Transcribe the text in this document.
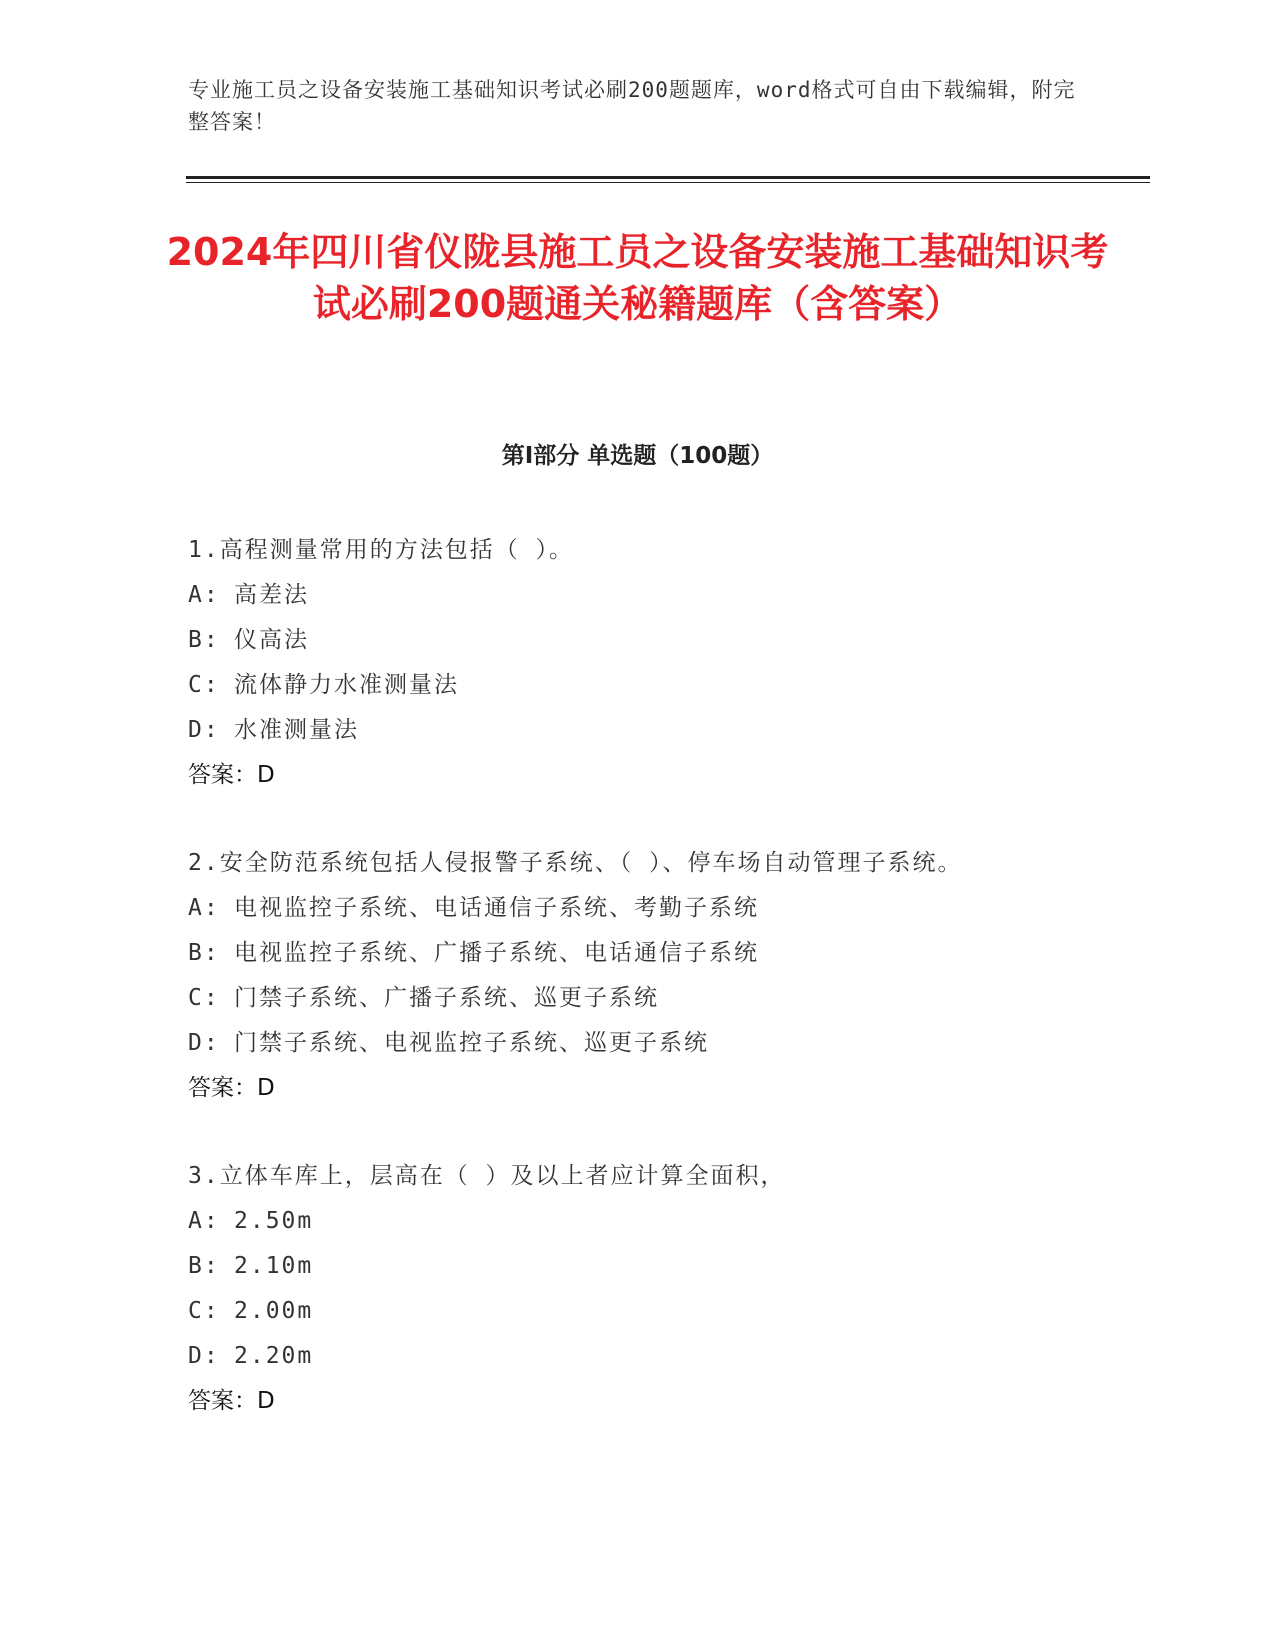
专业施工员之设备安装施工基础知识考试必刷200题题库，word格式可自由下载编辑，附完整答案！
2024年四川省仪陇县施工员之设备安装施工基础知识考试必刷200题通关秘籍题库（含答案）
第I部分 单选题（100题）
1.高程测量常用的方法包括（ ）。
A: 高差法
B: 仪高法
C: 流体静力水准测量法
D: 水准测量法
答案：D
2.安全防范系统包括人侵报警子系统、（ ）、停车场自动管理子系统。
A: 电视监控子系统、电话通信子系统、考勤子系统
B: 电视监控子系统、广播子系统、电话通信子系统
C: 门禁子系统、广播子系统、巡更子系统
D: 门禁子系统、电视监控子系统、巡更子系统
答案：D
3.立体车库上，层高在（ ）及以上者应计算全面积，
A: 2.50m
B: 2.10m
C: 2.00m
D: 2.20m
答案：D
